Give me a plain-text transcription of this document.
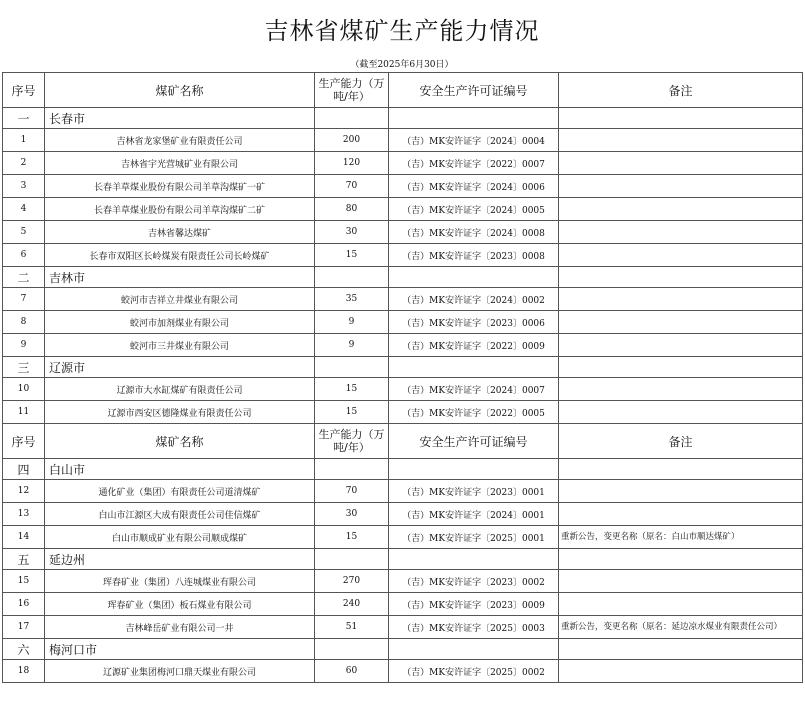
吉林省煤矿生产能力情况
（截至2025年6月30日）
序号	煤矿名称	生产能力（万吨/年）	安全生产许可证编号	备注
一	长春市			
1	吉林省龙家堡矿业有限责任公司	200	（吉）MK安许证字〔2024〕0004	
2	吉林省宇光营城矿业有限公司	120	（吉）MK安许证字〔2022〕0007	
3	长春羊草煤业股份有限公司羊草沟煤矿一矿	70	（吉）MK安许证字〔2024〕0006	
4	长春羊草煤业股份有限公司羊草沟煤矿二矿	80	（吉）MK安许证字〔2024〕0005	
5	吉林省馨达煤矿	30	（吉）MK安许证字〔2024〕0008	
6	长春市双阳区长岭煤炭有限责任公司长岭煤矿	15	（吉）MK安许证字〔2023〕0008	
二	吉林市			
7	蛟河市吉祥立井煤业有限公司	35	（吉）MK安许证字〔2024〕0002	
8	蛟河市加剂煤业有限公司	9	（吉）MK安许证字〔2023〕0006	
9	蛟河市三井煤业有限公司	9	（吉）MK安许证字〔2022〕0009	
三	辽源市			
10	辽源市大水缸煤矿有限责任公司	15	（吉）MK安许证字〔2024〕0007	
11	辽源市西安区德隆煤业有限责任公司	15	（吉）MK安许证字〔2022〕0005	
序号	煤矿名称	生产能力（万吨/年）	安全生产许可证编号	备注
四	白山市			
12	通化矿业（集团）有限责任公司道清煤矿	70	（吉）MK安许证字〔2023〕0001	
13	白山市江源区大成有限责任公司佳信煤矿	30	（吉）MK安许证字〔2024〕0001	
14	白山市顺成矿业有限公司顺成煤矿	15	（吉）MK安许证字〔2025〕0001	重新公告，变更名称（原名：白山市顺达煤矿）
五	延边州			
15	珲春矿业（集团）八连城煤业有限公司	270	（吉）MK安许证字〔2023〕0002	
16	珲春矿业（集团）板石煤业有限公司	240	（吉）MK安许证字〔2023〕0009	
17	吉林峰岳矿业有限公司一井	51	（吉）MK安许证字〔2025〕0003	重新公告，变更名称（原名：延边凉水煤业有限责任公司）
六	梅河口市			
18	辽源矿业集团梅河口鼎天煤业有限公司	60	（吉）MK安许证字〔2025〕0002	
